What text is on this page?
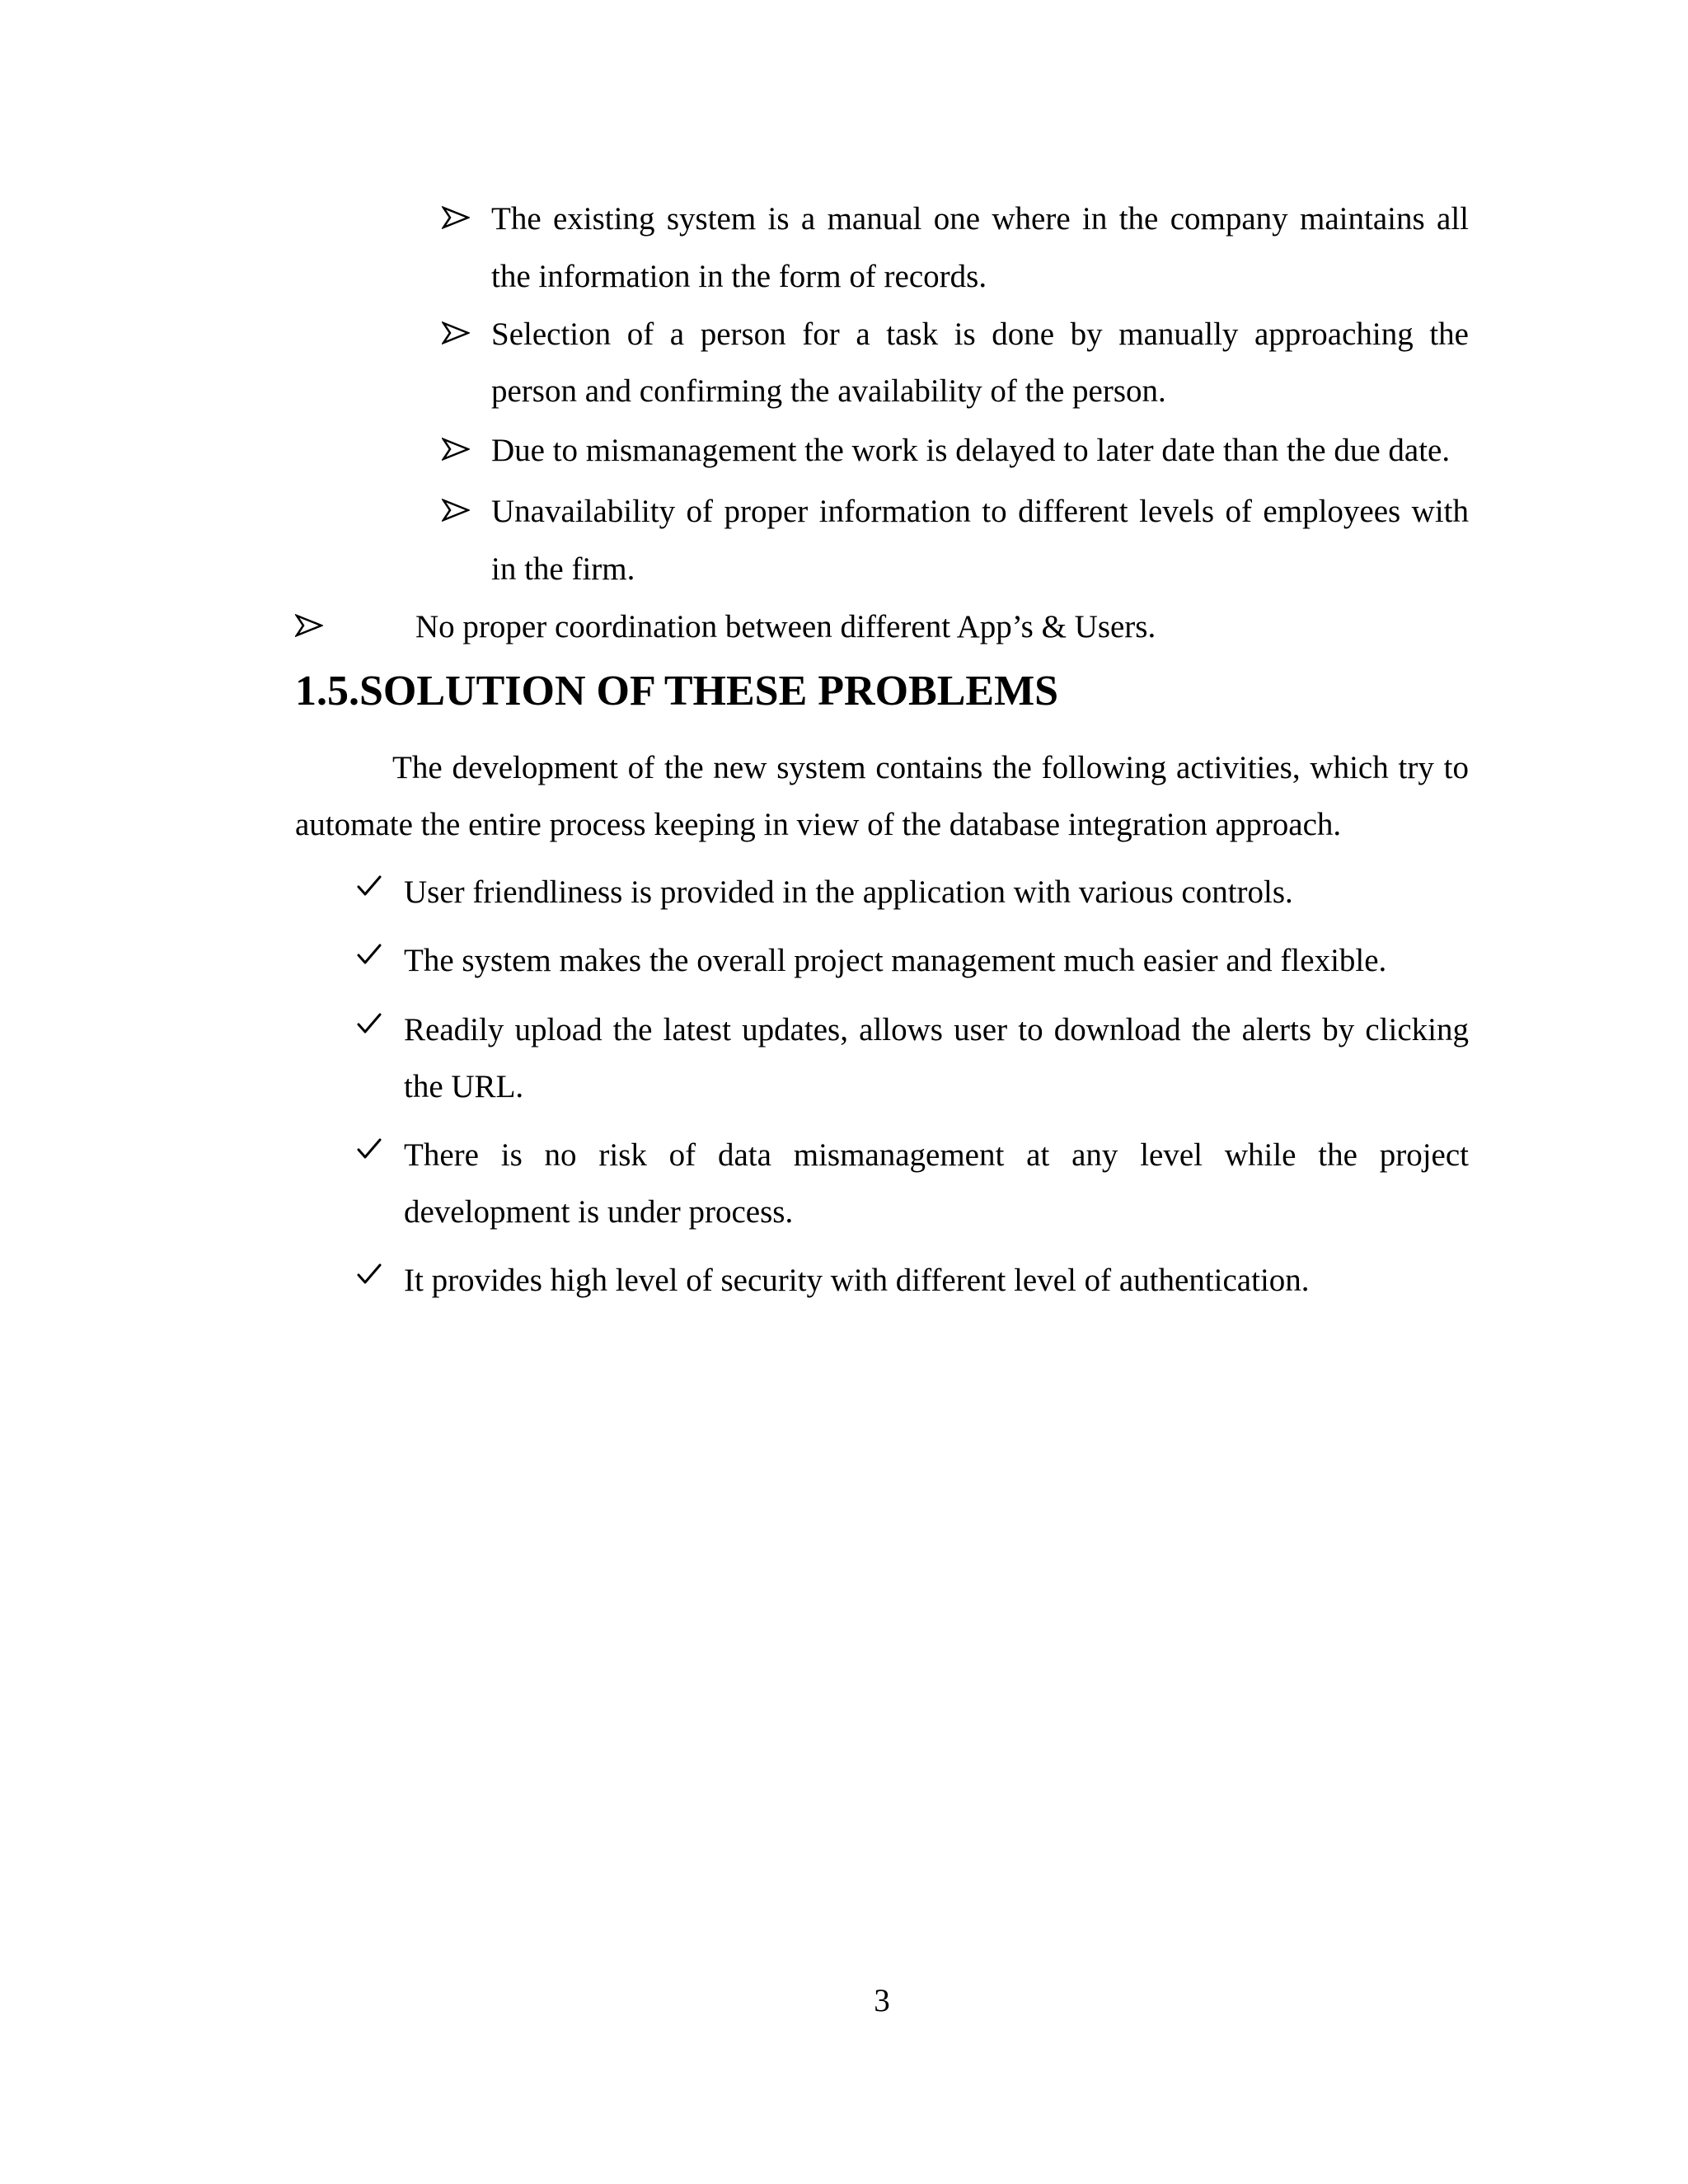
The existing system is a manual one where in the company maintains all
the information in the form of records.
Selection of a person for a task is done by manually approaching the
person and confirming the availability of the person.
Due to mismanagement the work is delayed to later date than the due date.
Unavailability of proper information to different levels of employees with
in the firm.
No proper coordination between different App’s & Users.
1.5.SOLUTION OF THESE PROBLEMS
The development of the new system contains the following activities, which try to
automate the entire process keeping in view of the database integration approach.
User friendliness is provided in the application with various controls.
The system makes the overall project management much easier and flexible.
Readily upload the latest updates, allows user to download the alerts by clicking
the URL.
There is no risk of data mismanagement at any level while the project
development is under process.
It provides high level of security with different level of authentication.
3
